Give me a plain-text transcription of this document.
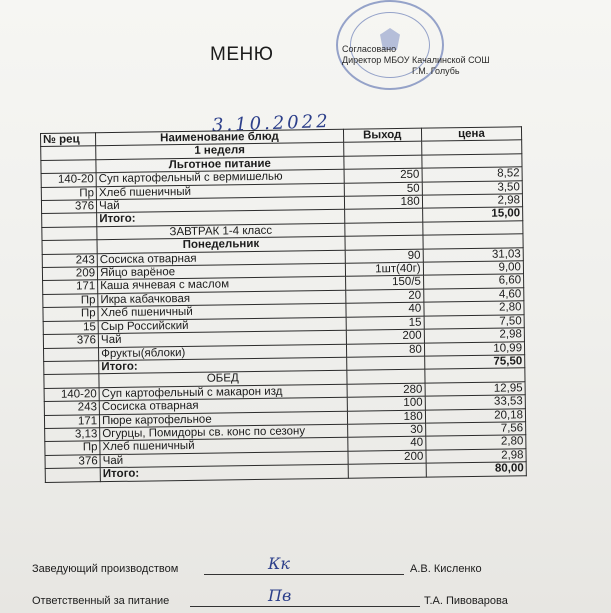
МЕНЮ	Согласовано
Директор МБОУ Качалинской СОШ
Г.М. Голубь
3.10.2022
№ рец	Наименование блюд	Выход	цена
	1 неделя		
	Льготное питание		
140-20	Суп картофельный с вермишелью	250	8,52
Пр	Хлеб пшеничный	50	3,50
376	Чай	180	2,98
	Итого:		15,00
	ЗАВТРАК 1-4 класс		
	Понедельник		
243	Сосиска отварная	90	31,03
209	Яйцо варёное	1шт(40г)	9,00
171	Каша ячневая с маслом	150/5	6,60
Пр	Икра кабачковая	20	4,60
Пр	Хлеб пшеничный	40	2,80
15	Сыр Российский	15	7,50
376	Чай	200	2,98
	Фрукты(яблоки)	80	10,99
	Итого:		75,50
	ОБЕД		
140-20	Суп картофельный с макарон изд	280	12,95
243	Сосиска отварная	100	33,53
171	Пюре картофельное	180	20,18
3,13	Огурцы, Помидоры св. конс по сезону	30	7,56
Пр	Хлеб пшеничный	40	2,80
376	Чай	200	2,98
	Итого:		80,00
Заведующий производством	Кк	А.В. Кисленко
Ответственный за питание	Пв	Т.А. Пивоварова
